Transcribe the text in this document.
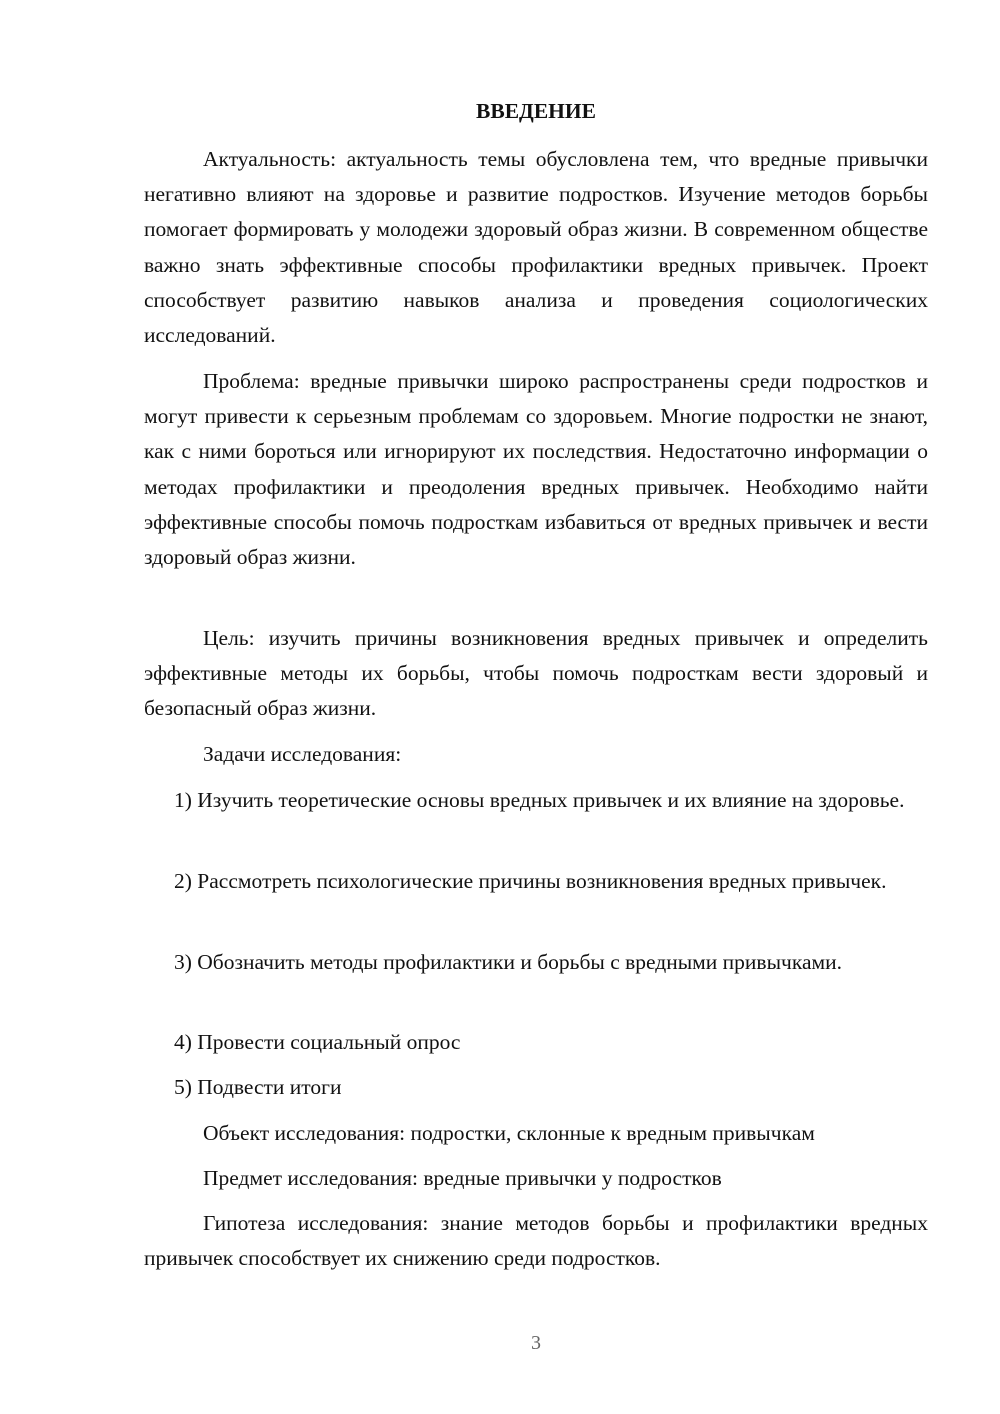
ВВЕДЕНИЕ

Актуальность: актуальность темы обусловлена тем, что вредные привычки негативно влияют на здоровье и развитие подростков. Изучение методов борьбы помогает формировать у молодежи здоровый образ жизни. В современном обществе важно знать эффективные способы профилактики вредных привычек. Проект способствует развитию навыков анализа и проведения социологических исследований.

Проблема: вредные привычки широко распространены среди подростков и могут привести к серьезным проблемам со здоровьем. Многие подростки не знают, как с ними бороться или игнорируют их последствия. Недостаточно информации о методах профилактики и преодоления вредных привычек. Необходимо найти эффективные способы помочь подросткам избавиться от вредных привычек и вести здоровый образ жизни.

Цель: изучить причины возникновения вредных привычек и определить эффективные методы их борьбы, чтобы помочь подросткам вести здоровый и безопасный образ жизни.

Задачи исследования:

1) Изучить теоретические основы вредных привычек и их влияние на здоровье.

2) Рассмотреть психологические причины возникновения вредных привычек.

3) Обозначить методы профилактики и борьбы с вредными привычками.

4) Провести социальный опрос

5) Подвести итоги

Объект исследования: подростки, склонные к вредным привычкам

Предмет исследования: вредные привычки у подростков

Гипотеза исследования: знание методов борьбы и профилактики вредных привычек способствует их снижению среди подростков.

3
